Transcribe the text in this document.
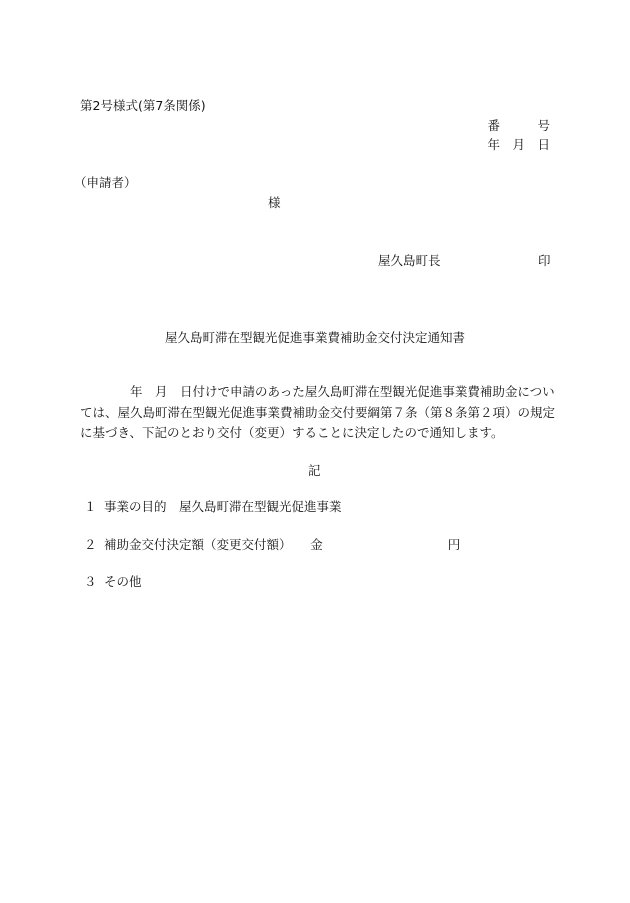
第2号様式(第7条関係)
番　　　号
年　月　日
（申請者）
様
屋久島町長	印
屋久島町滞在型観光促進事業費補助金交付決定通知書
　　　　年　月　日付けで申請のあった屋久島町滞在型観光促進事業費補助金につい
ては、屋久島町滞在型観光促進事業費補助金交付要綱第７条（第８条第２項）の規定
に基づき、下記のとおり交付（変更）することに決定したので通知します。
記
１ 事業の目的　屋久島町滞在型観光促進事業
２ 補助金交付決定額（変更交付額）　　金　　　　　　　　　　円
３ その他
